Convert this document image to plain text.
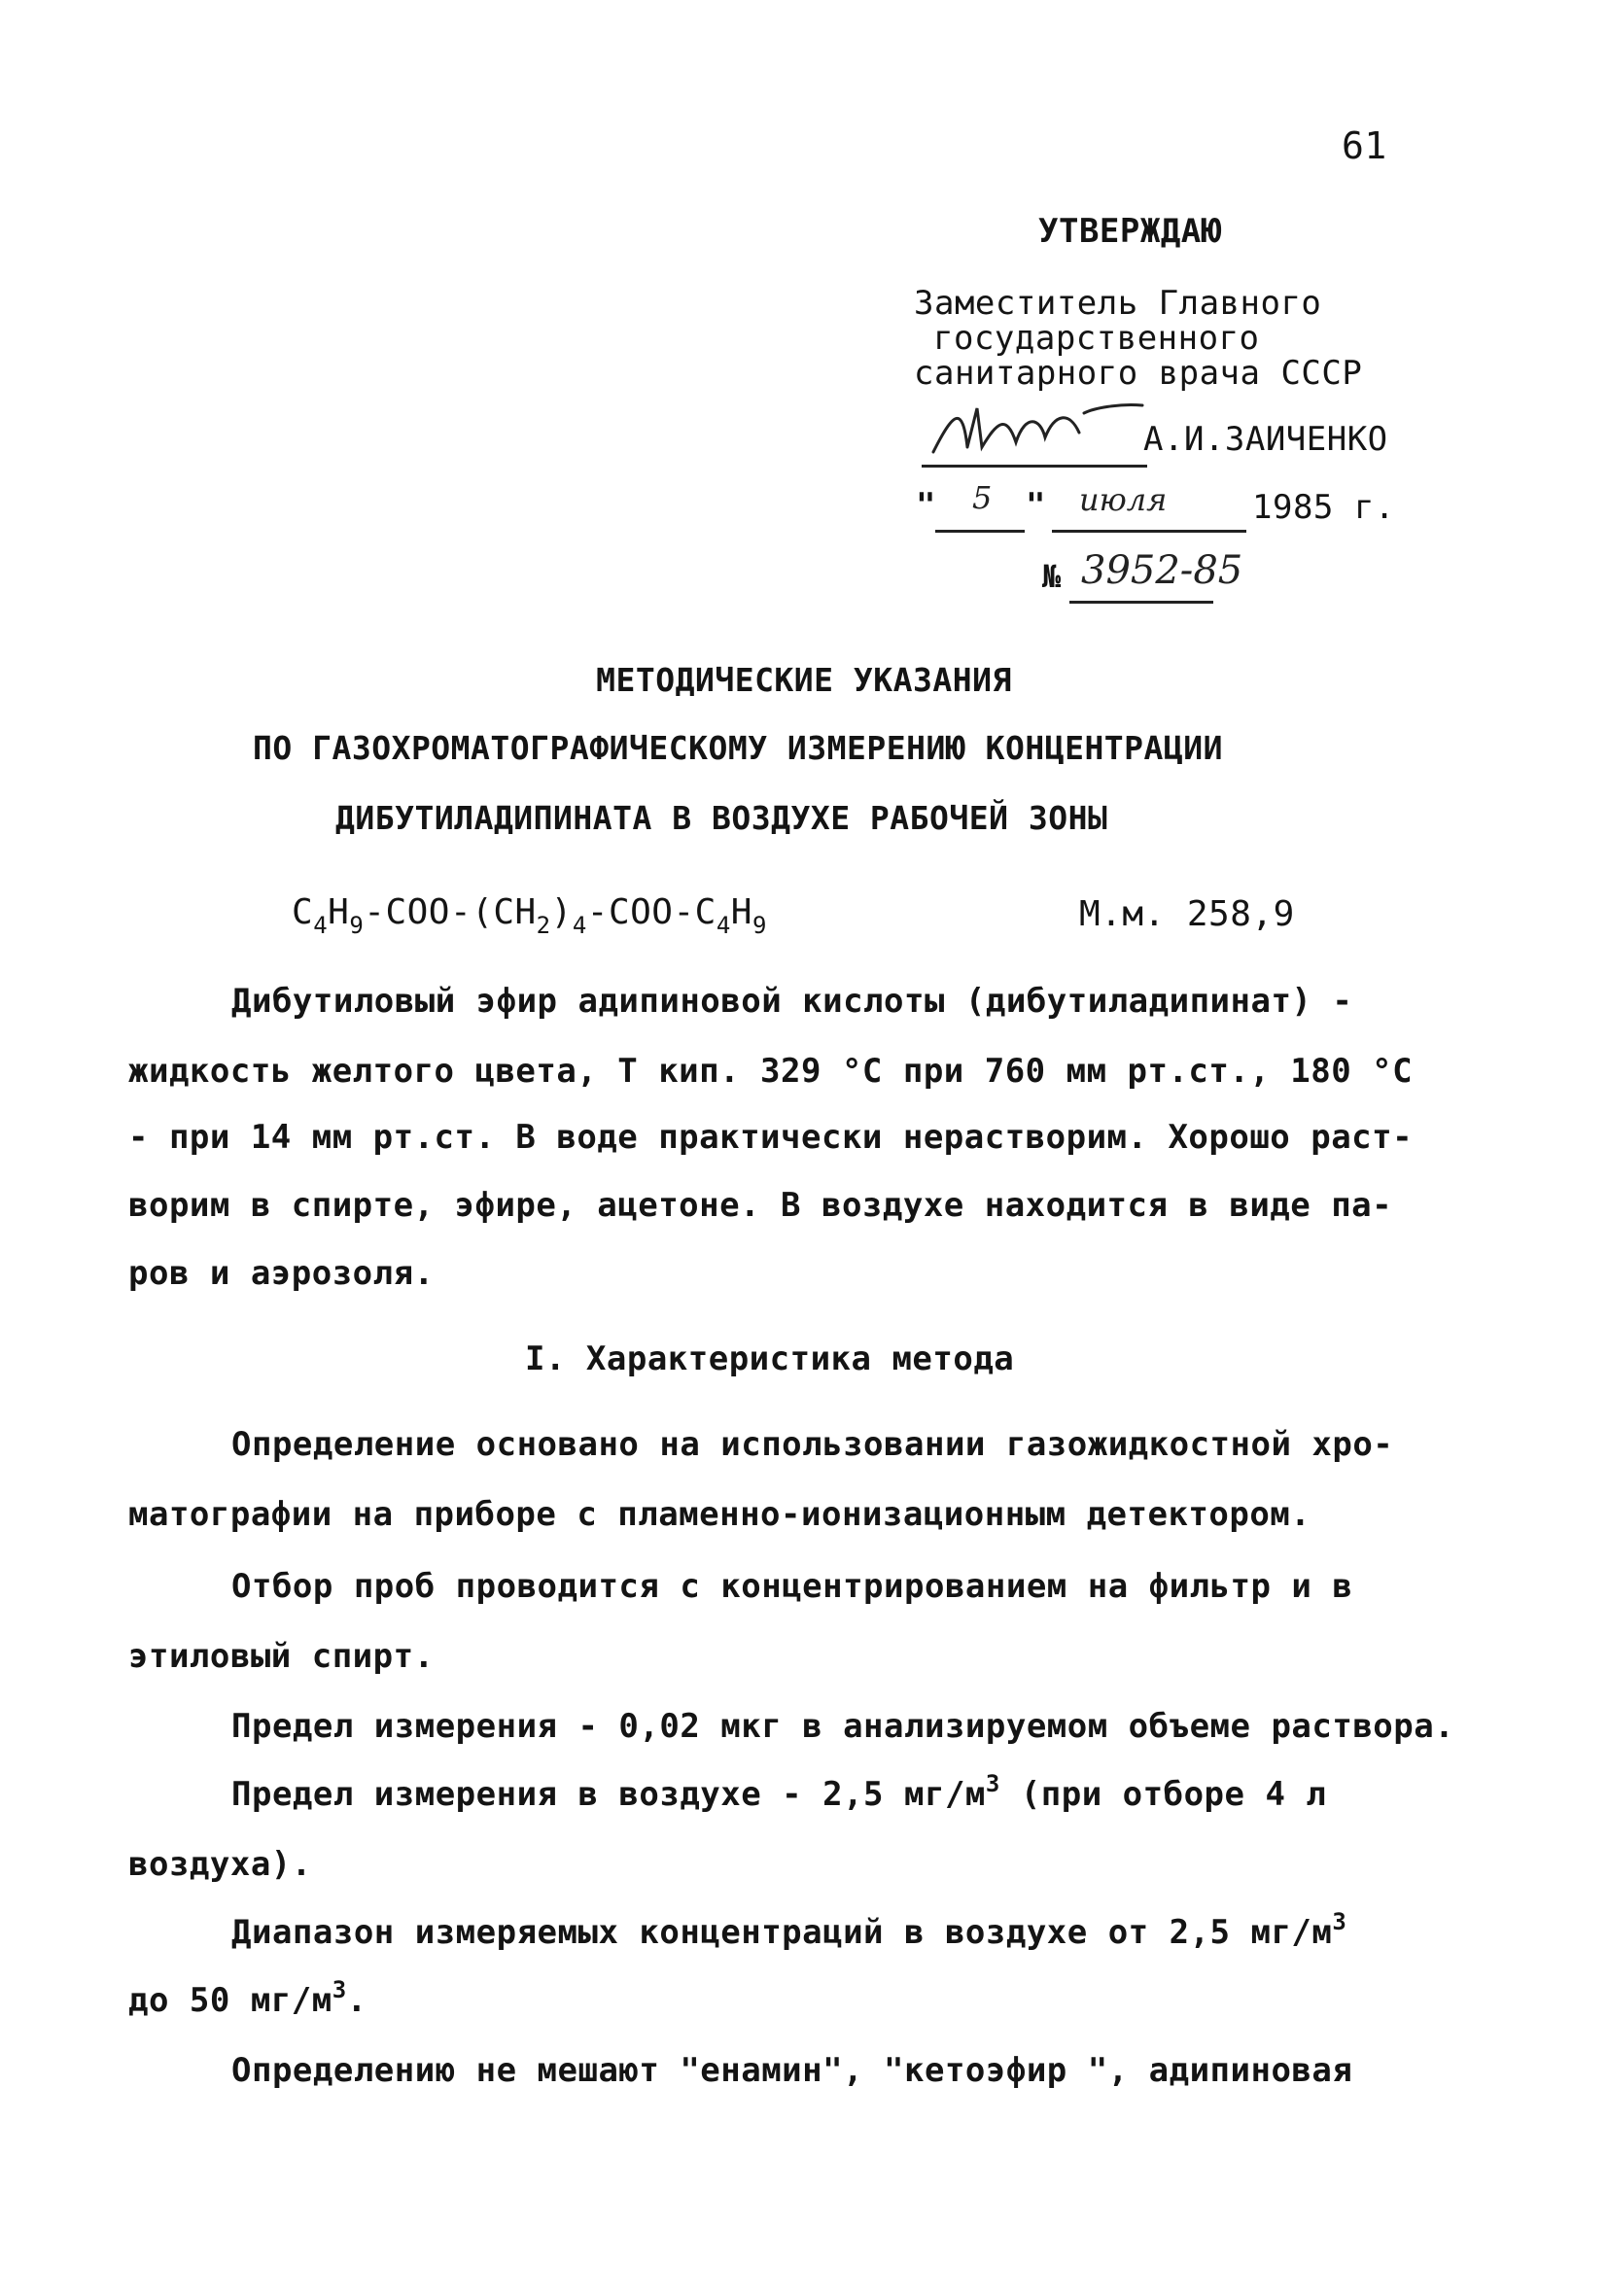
61
УТВЕРЖДАЮ
Заместитель Главного
государственного
санитарного врача СССР
А.И.ЗАИЧЕНКО
" 5 " июля	1985 г.
№ 3952-85
МЕТОДИЧЕСКИЕ УКАЗАНИЯ
ПО ГАЗОХРОМАТОГРАФИЧЕСКОМУ ИЗМЕРЕНИЮ КОНЦЕНТРАЦИИ
ДИБУТИЛАДИПИНАТА В ВОЗДУХЕ РАБОЧЕЙ ЗОНЫ
$C_4H_9-COO-(CH_2)_4-COO-C_4H_9$	М.м. 258,9
Дибутиловый эфир адипиновой кислоты (дибутиладипинат) -
жидкость желтого цвета, Т кип. 329 °С при 760 мм рт.ст., 180 °С
- при 14 мм рт.ст. В воде практически нерастворим. Хорошо раст-
ворим в спирте, эфире, ацетоне. В воздухе находится в виде па-
ров и аэрозоля.
I. Характеристика метода
Определение основано на использовании газожидкостной хро-
матографии на приборе с пламенно-ионизационным детектором.
Отбор проб проводится с концентрированием на фильтр и в
этиловый спирт.
Предел измерения - 0,02 мкг в анализируемом объеме раствора.
Предел измерения в воздухе - 2,5 $мг/м^3$ (при отборе 4 л
воздуха).
Диапазон измеряемых концентраций в воздухе от 2,5 $мг/м^3$
до 50 $мг/м^3$.
Определению не мешают "енамин", "кетоэфир ", адипиновая
